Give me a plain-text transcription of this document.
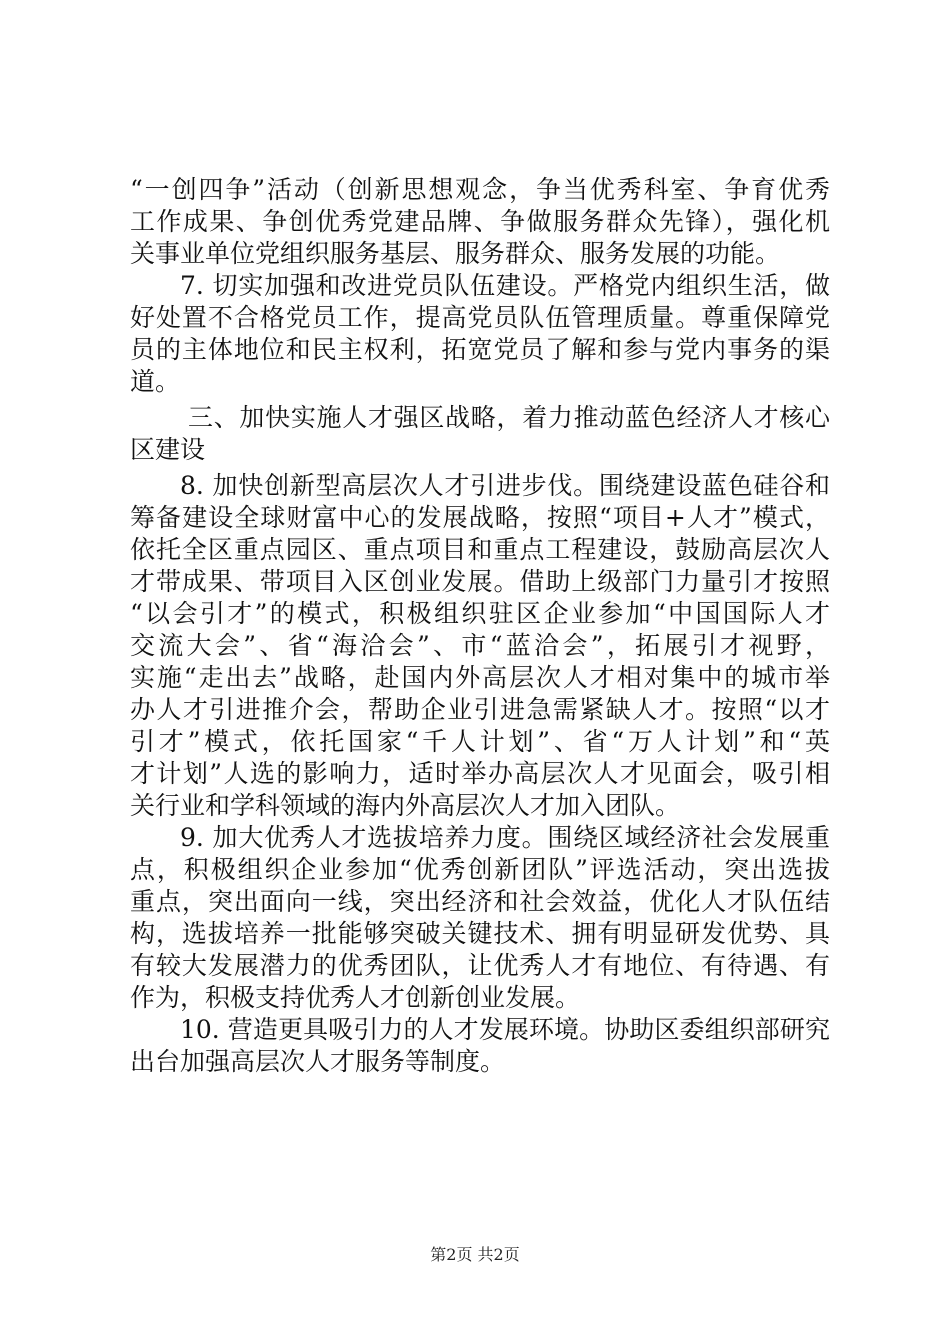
“一创四争”活动（创新思想观念，争当优秀科室、争育优秀
工作成果、争创优秀党建品牌、争做服务群众先锋），强化机
关事业单位党组织服务基层、服务群众、服务发展的功能。
7. 切实加强和改进党员队伍建设。严格党内组织生活，做
好处置不合格党员工作，提高党员队伍管理质量。尊重保障党
员的主体地位和民主权利，拓宽党员了解和参与党内事务的渠
道。
三、加快实施人才强区战略，着力推动蓝色经济人才核心
区建设
8. 加快创新型高层次人才引进步伐。围绕建设蓝色硅谷和
筹备建设全球财富中心的发展战略，按照“项目+人才”模式，
依托全区重点园区、重点项目和重点工程建设，鼓励高层次人
才带成果、带项目入区创业发展。借助上级部门力量引才按照
“以会引才”的模式，积极组织驻区企业参加“中国国际人才
交流大会”、省“海洽会”、市“蓝洽会”，拓展引才视野，
实施“走出去”战略，赴国内外高层次人才相对集中的城市举
办人才引进推介会，帮助企业引进急需紧缺人才。按照“以才
引才”模式，依托国家“千人计划”、省“万人计划”和“英
才计划”人选的影响力，适时举办高层次人才见面会，吸引相
关行业和学科领域的海内外高层次人才加入团队。
9. 加大优秀人才选拔培养力度。围绕区域经济社会发展重
点，积极组织企业参加“优秀创新团队”评选活动，突出选拔
重点，突出面向一线，突出经济和社会效益，优化人才队伍结
构，选拔培养一批能够突破关键技术、拥有明显研发优势、具
有较大发展潜力的优秀团队，让优秀人才有地位、有待遇、有
作为，积极支持优秀人才创新创业发展。
10. 营造更具吸引力的人才发展环境。协助区委组织部研究
出台加强高层次人才服务等制度。
第2页 共2页
